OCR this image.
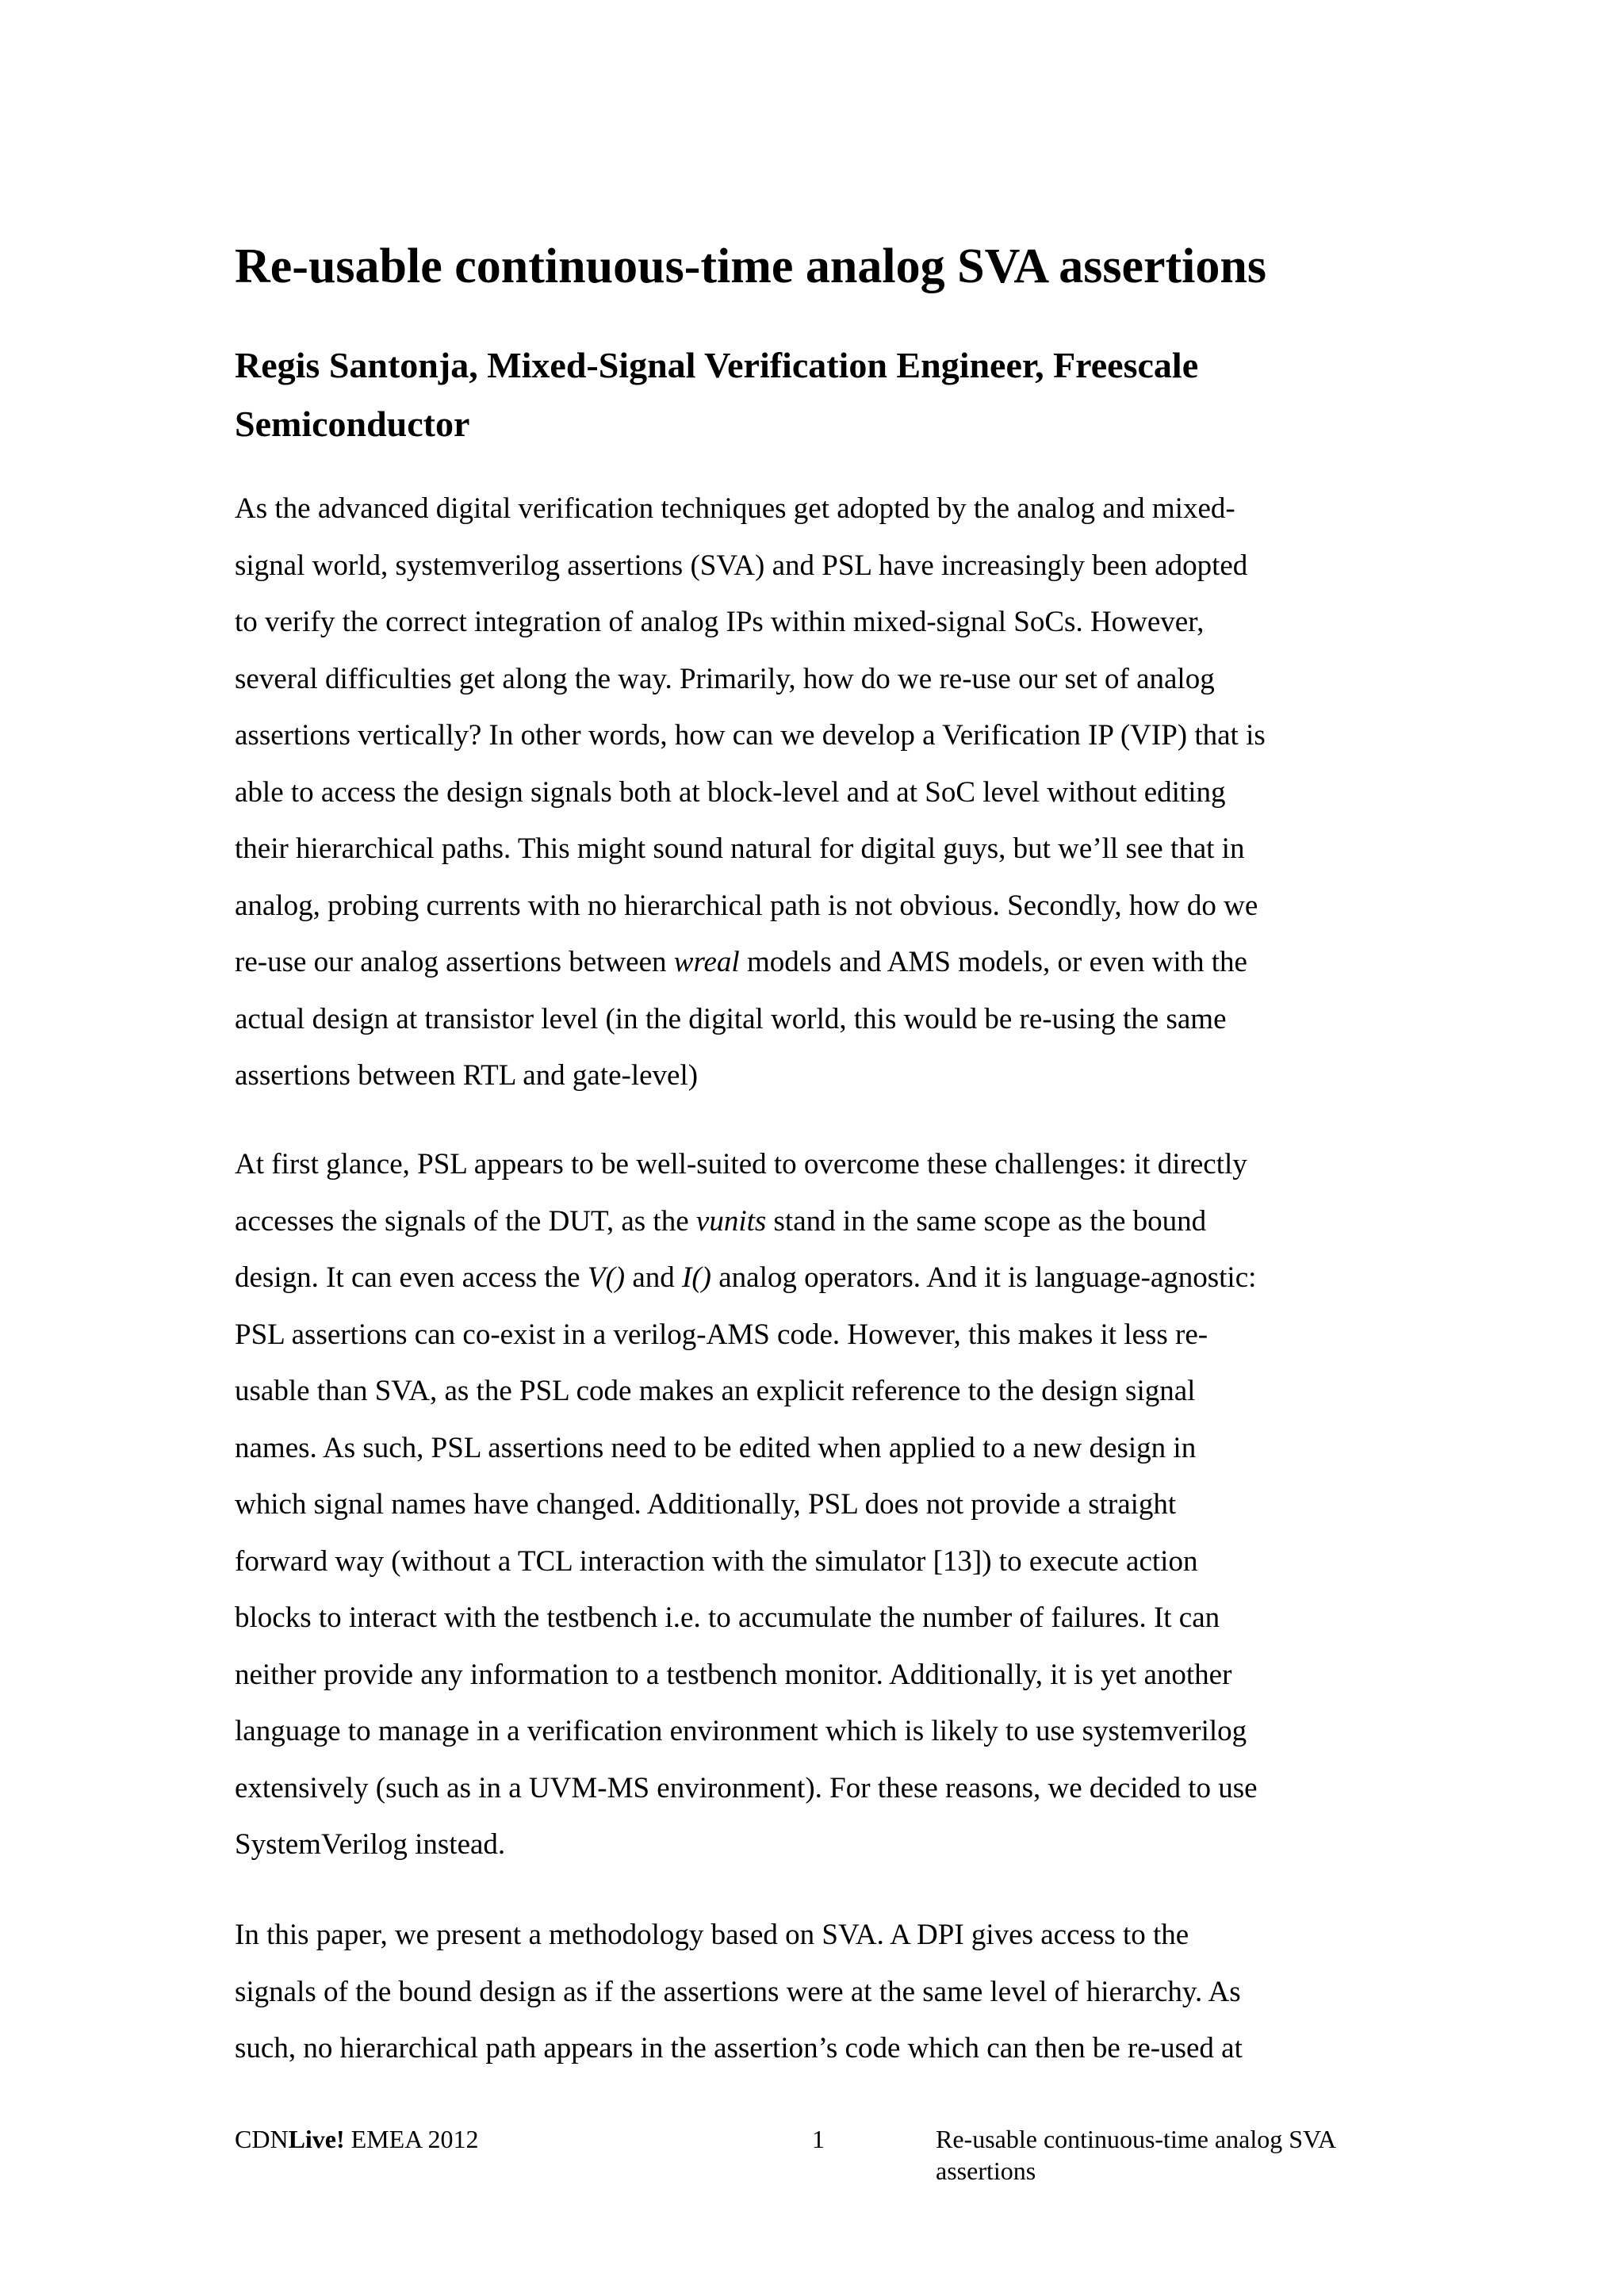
Re-usable continuous-time analog SVA assertions
Regis Santonja, Mixed-Signal Verification Engineer, Freescale Semiconductor

As the advanced digital verification techniques get adopted by the analog and mixed-
signal world, systemverilog assertions (SVA) and PSL have increasingly been adopted
to verify the correct integration of analog IPs within mixed-signal SoCs. However,
several difficulties get along the way. Primarily, how do we re-use our set of analog
assertions vertically? In other words, how can we develop a Verification IP (VIP) that is
able to access the design signals both at block-level and at SoC level without editing
their hierarchical paths. This might sound natural for digital guys, but we’ll see that in
analog, probing currents with no hierarchical path is not obvious. Secondly, how do we
re-use our analog assertions between wreal models and AMS models, or even with the
actual design at transistor level (in the digital world, this would be re-using the same
assertions between RTL and gate-level)

At first glance, PSL appears to be well-suited to overcome these challenges: it directly
accesses the signals of the DUT, as the vunits stand in the same scope as the bound
design. It can even access the V() and I() analog operators. And it is language-agnostic:
PSL assertions can co-exist in a verilog-AMS code. However, this makes it less re-
usable than SVA, as the PSL code makes an explicit reference to the design signal
names. As such, PSL assertions need to be edited when applied to a new design in
which signal names have changed. Additionally, PSL does not provide a straight
forward way (without a TCL interaction with the simulator [13]) to execute action
blocks to interact with the testbench i.e. to accumulate the number of failures. It can
neither provide any information to a testbench monitor. Additionally, it is yet another
language to manage in a verification environment which is likely to use systemverilog
extensively (such as in a UVM-MS environment). For these reasons, we decided to use
SystemVerilog instead.

In this paper, we present a methodology based on SVA. A DPI gives access to the
signals of the bound design as if the assertions were at the same level of hierarchy. As
such, no hierarchical path appears in the assertion’s code which can then be re-used at

CDNLive! EMEA 2012	1	Re-usable continuous-time analog SVA assertions
